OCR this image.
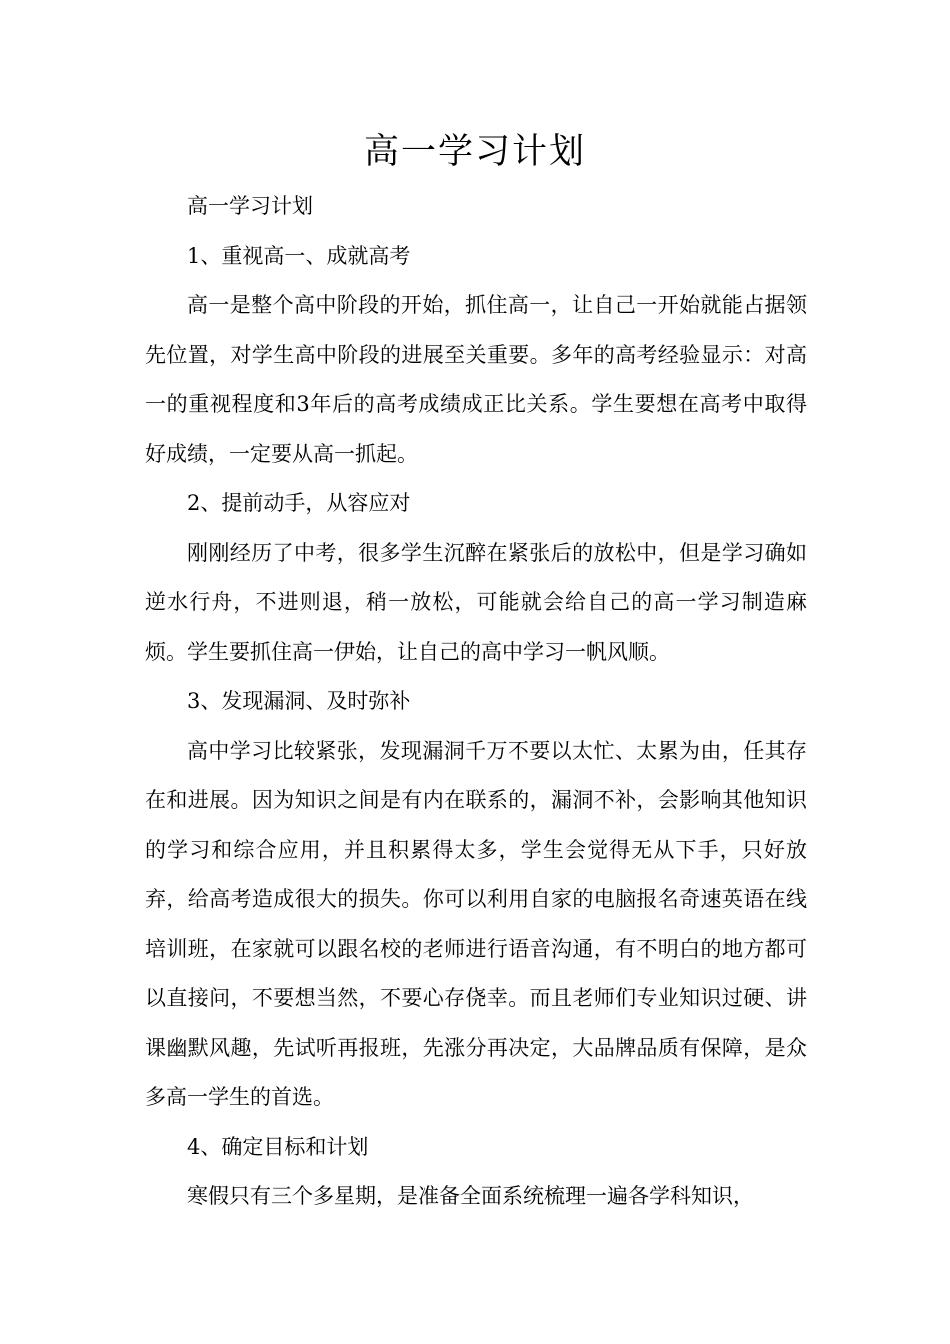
高一学习计划

高一学习计划

1、重视高一、成就高考

高一是整个高中阶段的开始，抓住高一，让自己一开始就能占据领先位置，对学生高中阶段的进展至关重要。多年的高考经验显示：对高一的重视程度和3年后的高考成绩成正比关系。学生要想在高考中取得好成绩，一定要从高一抓起。

2、提前动手，从容应对

刚刚经历了中考，很多学生沉醉在紧张后的放松中，但是学习确如逆水行舟，不进则退，稍一放松，可能就会给自己的高一学习制造麻烦。学生要抓住高一伊始，让自己的高中学习一帆风顺。

3、发现漏洞、及时弥补

高中学习比较紧张，发现漏洞千万不要以太忙、太累为由，任其存在和进展。因为知识之间是有内在联系的，漏洞不补，会影响其他知识的学习和综合应用，并且积累得太多，学生会觉得无从下手，只好放弃，给高考造成很大的损失。你可以利用自家的电脑报名奇速英语在线培训班，在家就可以跟名校的老师进行语音沟通，有不明白的地方都可以直接问，不要想当然，不要心存侥幸。而且老师们专业知识过硬、讲课幽默风趣，先试听再报班，先涨分再决定，大品牌品质有保障，是众多高一学生的首选。

4、确定目标和计划

寒假只有三个多星期，是准备全面系统梳理一遍各学科知识，
